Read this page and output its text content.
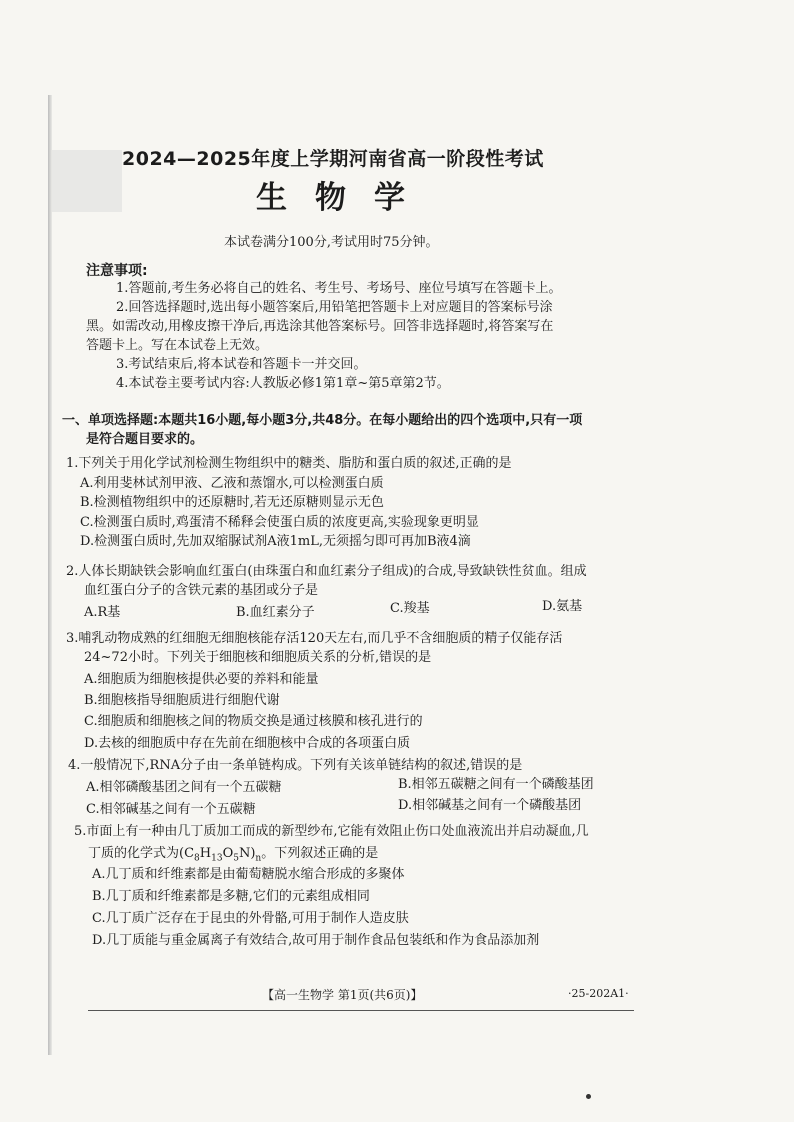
2024—2025年度上学期河南省高一阶段性考试
生物学
本试卷满分100分,考试用时75分钟。
注意事项:
1.答题前,考生务必将自己的姓名、考生号、考场号、座位号填写在答题卡上。
2.回答选择题时,选出每小题答案后,用铅笔把答题卡上对应题目的答案标号涂
黑。如需改动,用橡皮擦干净后,再选涂其他答案标号。回答非选择题时,将答案写在
答题卡上。写在本试卷上无效。
3.考试结束后,将本试卷和答题卡一并交回。
4.本试卷主要考试内容:人教版必修1第1章~第5章第2节。
一、单项选择题:本题共16小题,每小题3分,共48分。在每小题给出的四个选项中,只有一项
是符合题目要求的。
1.下列关于用化学试剂检测生物组织中的糖类、脂肪和蛋白质的叙述,正确的是
A.利用斐林试剂甲液、乙液和蒸馏水,可以检测蛋白质
B.检测植物组织中的还原糖时,若无还原糖则显示无色
C.检测蛋白质时,鸡蛋清不稀释会使蛋白质的浓度更高,实验现象更明显
D.检测蛋白质时,先加双缩脲试剂A液1mL,无须摇匀即可再加B液4滴
2.人体长期缺铁会影响血红蛋白(由珠蛋白和血红素分子组成)的合成,导致缺铁性贫血。组成
血红蛋白分子的含铁元素的基团或分子是
A.R基	B.血红素分子	C.羧基	D.氨基
3.哺乳动物成熟的红细胞无细胞核能存活120天左右,而几乎不含细胞质的精子仅能存活
24~72小时。下列关于细胞核和细胞质关系的分析,错误的是
A.细胞质为细胞核提供必要的养料和能量
B.细胞核指导细胞质进行细胞代谢
C.细胞质和细胞核之间的物质交换是通过核膜和核孔进行的
D.去核的细胞质中存在先前在细胞核中合成的各项蛋白质
4.一般情况下,RNA分子由一条单链构成。下列有关该单链结构的叙述,错误的是
A.相邻磷酸基团之间有一个五碳糖	B.相邻五碳糖之间有一个磷酸基团
C.相邻碱基之间有一个五碳糖	D.相邻碱基之间有一个磷酸基团
5.市面上有一种由几丁质加工而成的新型纱布,它能有效阻止伤口处血液流出并启动凝血,几
丁质的化学式为$(C_8H_{13}O_5N)_n$。下列叙述正确的是
A.几丁质和纤维素都是由葡萄糖脱水缩合形成的多聚体
B.几丁质和纤维素都是多糖,它们的元素组成相同
C.几丁质广泛存在于昆虫的外骨骼,可用于制作人造皮肤
D.几丁质能与重金属离子有效结合,故可用于制作食品包装纸和作为食品添加剂
【高一生物学 第1页(共6页)】	·25-202A1·
